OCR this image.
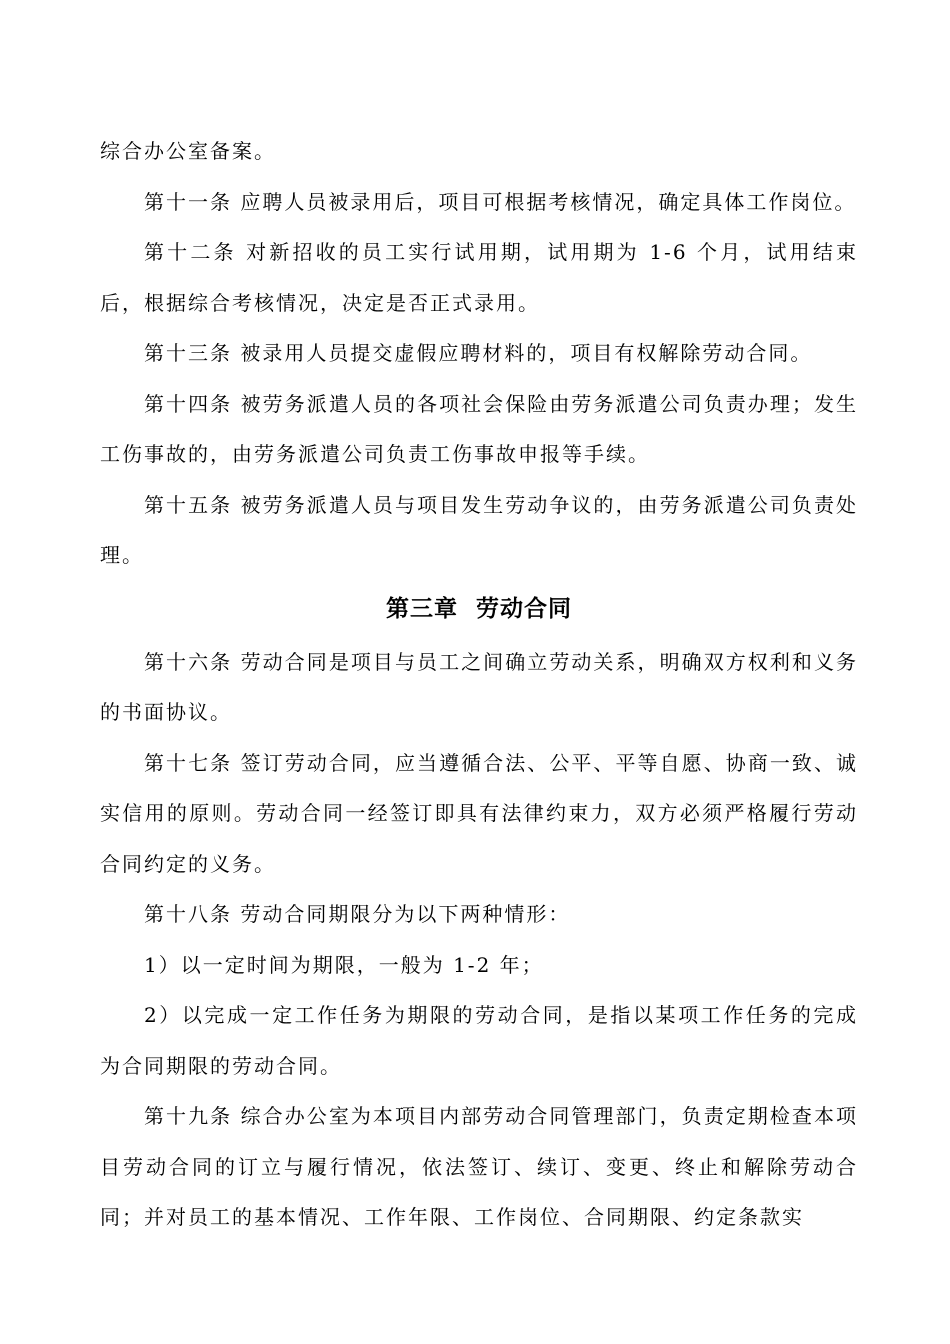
综合办公室备案。

第十一条 应聘人员被录用后，项目可根据考核情况，确定具体工作岗位。

第十二条 对新招收的员工实行试用期，试用期为 1-6 个月，试用结束后，根据综合考核情况，决定是否正式录用。

第十三条 被录用人员提交虚假应聘材料的，项目有权解除劳动合同。

第十四条 被劳务派遣人员的各项社会保险由劳务派遣公司负责办理；发生工伤事故的，由劳务派遣公司负责工伤事故申报等手续。

第十五条 被劳务派遣人员与项目发生劳动争议的，由劳务派遣公司负责处理。

第三章  劳动合同

第十六条 劳动合同是项目与员工之间确立劳动关系，明确双方权利和义务的书面协议。

第十七条 签订劳动合同，应当遵循合法、公平、平等自愿、协商一致、诚实信用的原则。劳动合同一经签订即具有法律约束力，双方必须严格履行劳动合同约定的义务。

第十八条 劳动合同期限分为以下两种情形：

1）以一定时间为期限，一般为 1-2 年；

2）以完成一定工作任务为期限的劳动合同，是指以某项工作任务的完成为合同期限的劳动合同。

第十九条 综合办公室为本项目内部劳动合同管理部门，负责定期检查本项目劳动合同的订立与履行情况，依法签订、续订、变更、终止和解除劳动合同；并对员工的基本情况、工作年限、工作岗位、合同期限、约定条款实
